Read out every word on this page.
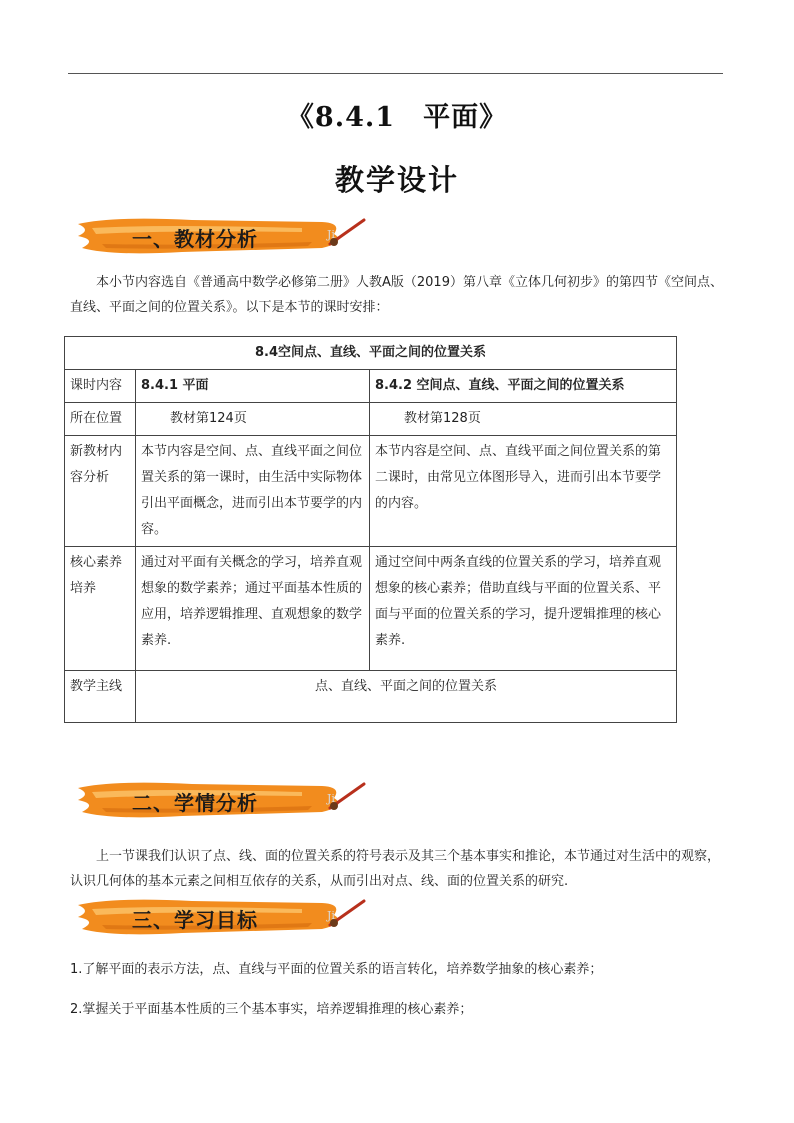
《8.4.1　平面》
教学设计
Ji
一、教材分析
本小节内容选自《普通高中数学必修第二册》人教A版（2019）第八章《立体几何初步》的第四节《空间点、直线、平面之间的位置关系》。以下是本节的课时安排：
8.4空间点、直线、平面之间的位置关系		
课时内容	8.4.1 平面	8.4.2 空间点、直线、平面之间的位置关系
所在位置	教材第124页	教材第128页
新教材内容分析	本节内容是空间、点、直线平面之间位置关系的第一课时，由生活中实际物体引出平面概念，进而引出本节要学的内容。	本节内容是空间、点、直线平面之间位置关系的第二课时，由常见立体图形导入，进而引出本节要学的内容。
核心素养培养	通过对平面有关概念的学习，培养直观想象的数学素养；通过平面基本性质的应用，培养逻辑推理、直观想象的数学素养.	通过空间中两条直线的位置关系的学习，培养直观想象的核心素养；借助直线与平面的位置关系、平面与平面的位置关系的学习，提升逻辑推理的核心素养.
教学主线	点、直线、平面之间的位置关系	
Ji
二、学情分析
上一节课我们认识了点、线、面的位置关系的符号表示及其三个基本事实和推论，本节通过对生活中的观察，认识几何体的基本元素之间相互依存的关系，从而引出对点、线、面的位置关系的研究.
Ji
三、学习目标
1.了解平面的表示方法，点、直线与平面的位置关系的语言转化，培养数学抽象的核心素养；
2.掌握关于平面基本性质的三个基本事实，培养逻辑推理的核心素养；
